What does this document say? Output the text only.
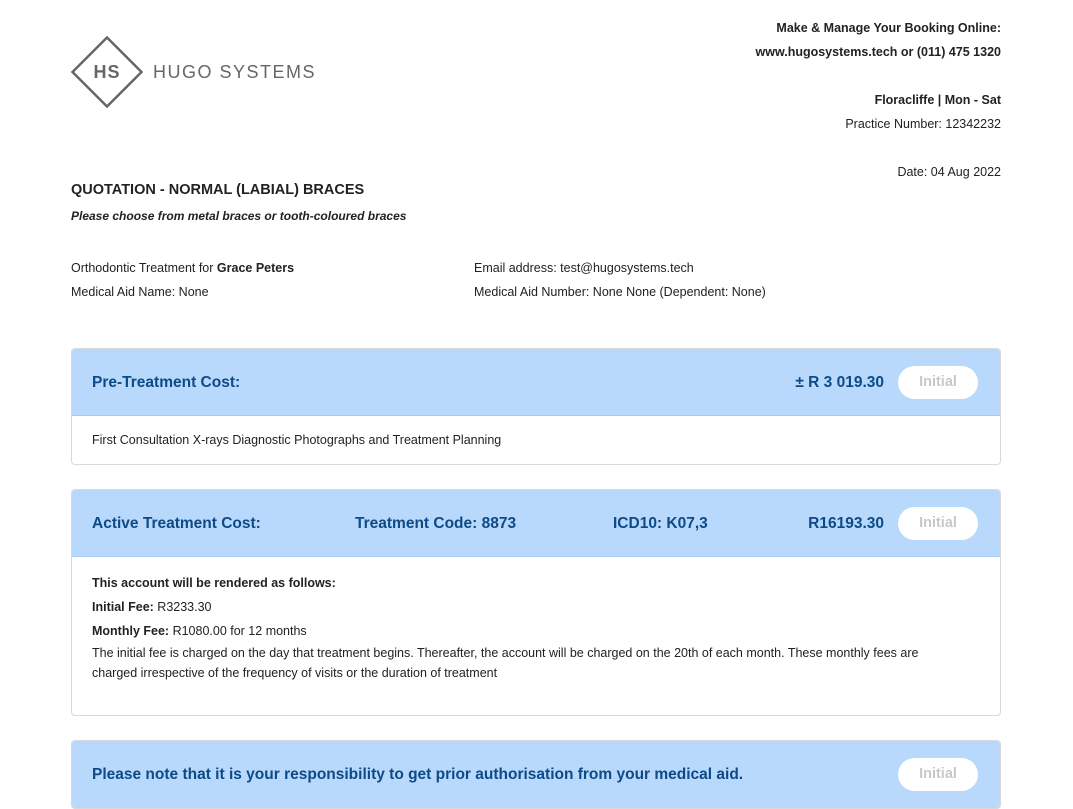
HS	HUGO SYSTEMS
Make & Manage Your Booking Online:
www.hugosystems.tech or (011) 475 1320
Floracliffe | Mon - Sat
Practice Number: 12342232
Date: 04 Aug 2022
QUOTATION - NORMAL (LABIAL) BRACES
Please choose from metal braces or tooth-coloured braces
Orthodontic Treatment for Grace Peters
Medical Aid Name: None
Email address: test@hugosystems.tech
Medical Aid Number: None None (Dependent: None)
Pre-Treatment Cost:	± R 3 019.30	Initial
First Consultation X-rays Diagnostic Photographs and Treatment Planning
Active Treatment Cost:	Treatment Code: 8873	ICD10: K07,3	R16193.30	Initial
This account will be rendered as follows:
Initial Fee: R3233.30
Monthly Fee: R1080.00 for 12 months
The initial fee is charged on the day that treatment begins. Thereafter, the account will be charged on the 20th of each month. These monthly fees are charged irrespective of the frequency of visits or the duration of treatment
Please note that it is your responsibility to get prior authorisation from your medical aid.	Initial
